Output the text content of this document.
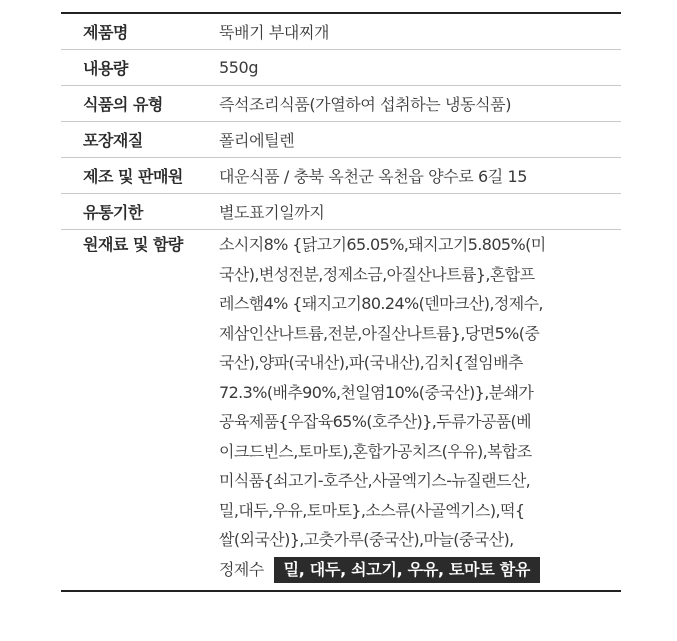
제품명	뚝배기 부대찌개
내용량	550g
식품의 유형	즉석조리식품(가열하여 섭취하는 냉동식품)
포장재질	폴리에틸렌
제조 및 판매원	대운식품 / 충북 옥천군 옥천읍 양수로 6길 15
유통기한	별도표기일까지
원재료 및 함량	소시지8% {닭고기65.05%,돼지고기5.805%(미
국산),변성전분,정제소금,아질산나트륨},혼합프
레스햄4% {돼지고기80.24%(덴마크산),정제수,
제삼인산나트륨,전분,아질산나트륨},당면5%(중
국산),양파(국내산),파(국내산),김치{절임배추
72.3%(배추90%,천일염10%(중국산)},분쇄가
공육제품{우잡육65%(호주산)},두류가공품(베
이크드빈스,토마토),혼합가공치즈(우유),복합조
미식품{쇠고기-호주산,사골엑기스-뉴질랜드산,
밀,대두,우유,토마토},소스류(사골엑기스),떡{
쌀(외국산)},고춧가루(중국산),마늘(중국산),
정제수 밀, 대두, 쇠고기, 우유, 토마토 함유
